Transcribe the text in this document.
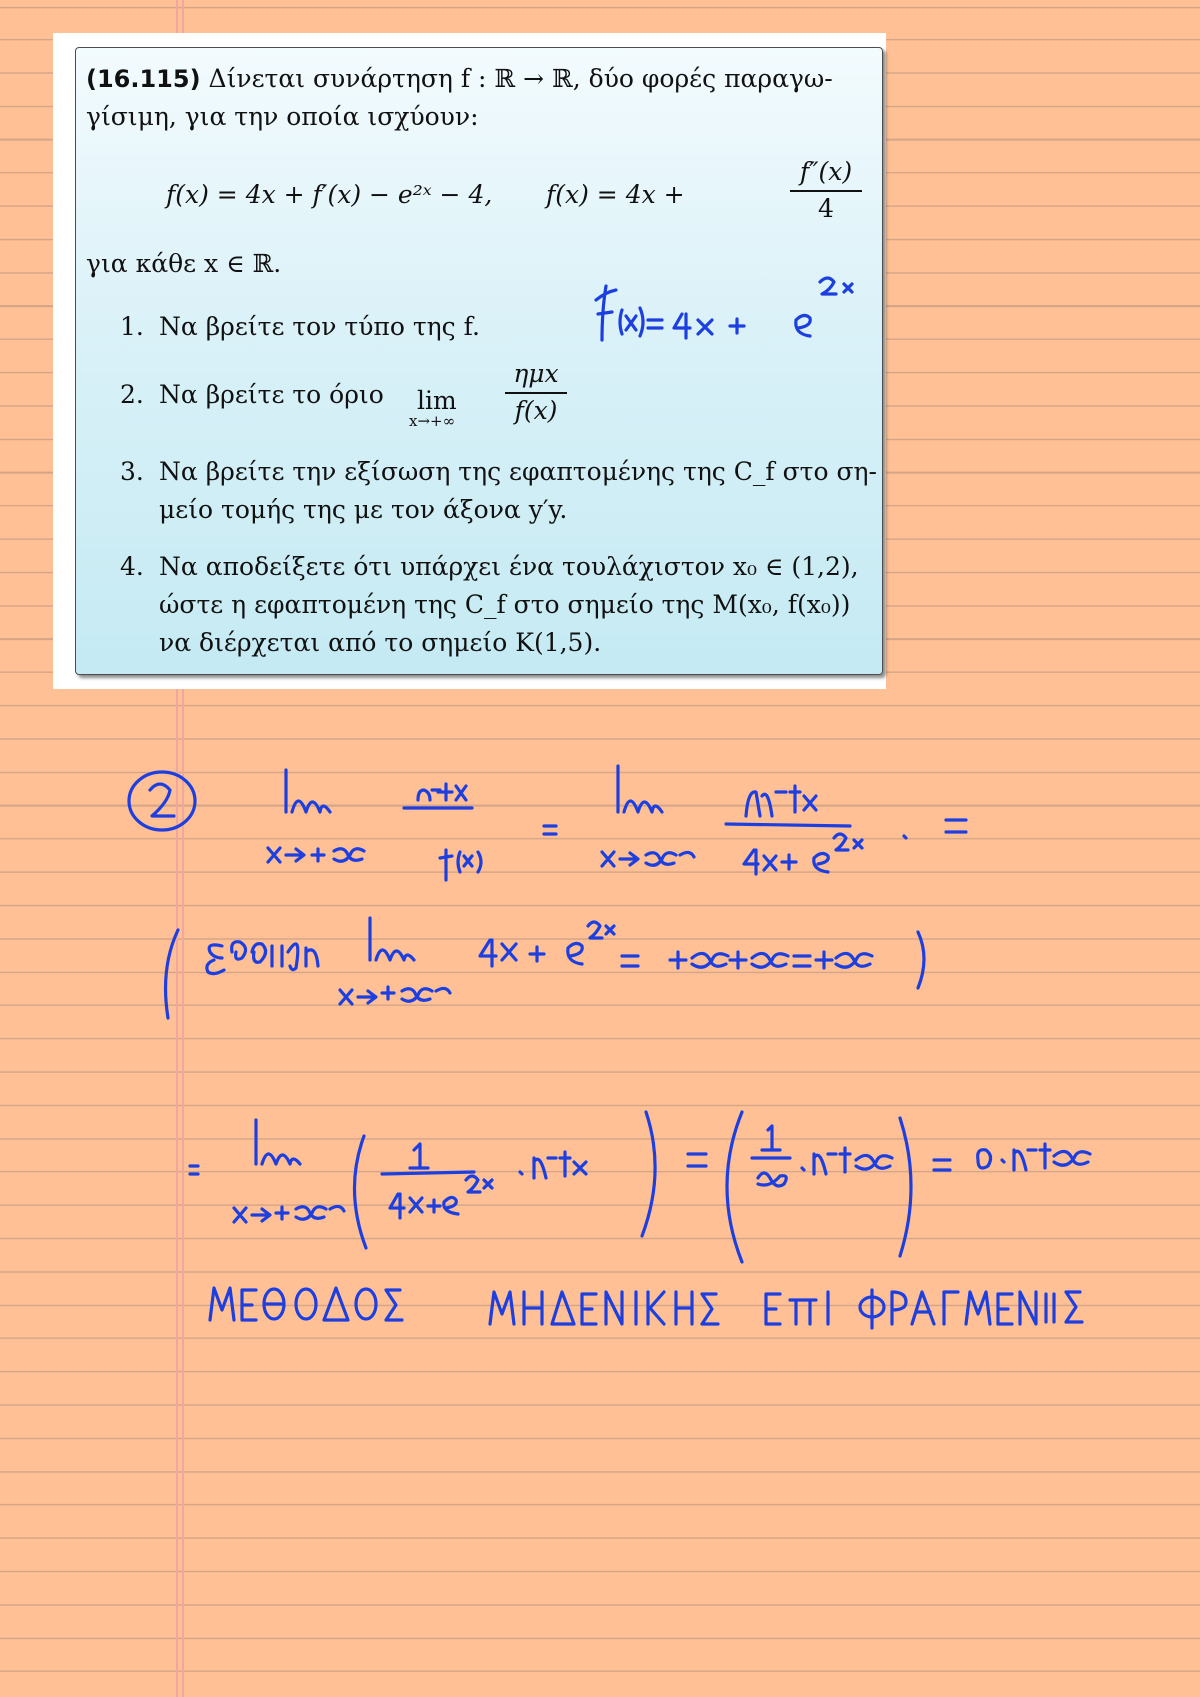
(16.115) Δίνεται συνάρτηση f : ℝ → ℝ, δύο φορές παραγω-γίσιμη, για την οποία ισχύουν:
f(x) = 4x + f′(x) − e²ˣ − 4, f(x) = 4x +
f″(x)
4
για κάθε x ∈ ℝ.
1. Να βρείτε τον τύπο της f.
2. Να βρείτε το όριο lim
x→+∞
ημx
f(x)
3. Να βρείτε την εξίσωση της εφαπτομένης της C_f στο ση-μείο τομής της με τον άξονα y′y.
4. Να αποδείξετε ότι υπάρχει ένα τουλάχιστον x₀ ∈ (1,2), ώστε η εφαπτομένη της C_f στο σημείο της M(x₀, f(x₀)) να διέρχεται από το σημείο K(1,5).
